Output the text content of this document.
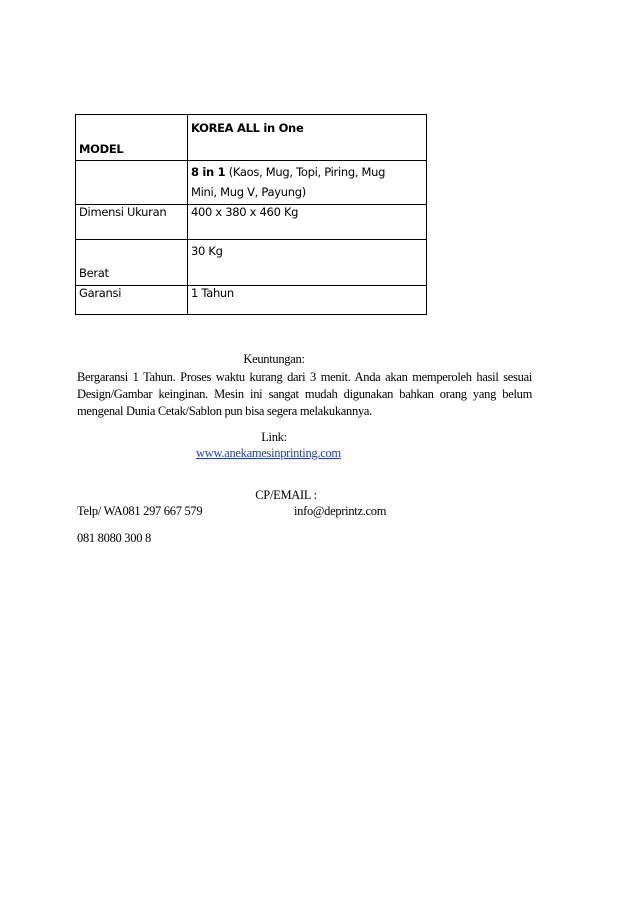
MODEL	KOREA ALL in One
	8 in 1 (Kaos, Mug, Topi, Piring, Mug
Mini, Mug V, Payung)
Dimensi Ukuran	400 x 380 x 460 Kg
Berat	30 Kg
Garansi	1 Tahun
Keuntungan:
Bergaransi 1 Tahun. Proses waktu kurang dari 3 menit. Anda akan memperoleh hasil sesuai
Design/Gambar keinginan. Mesin ini sangat mudah digunakan bahkan orang yang belum
mengenal Dunia Cetak/Sablon pun bisa segera melakukannya.
Link:
www.anekamesinprinting.com
CP/EMAIL :
Telp/ WA081 297 667 579	info@deprintz.com
081 8080 300 8
